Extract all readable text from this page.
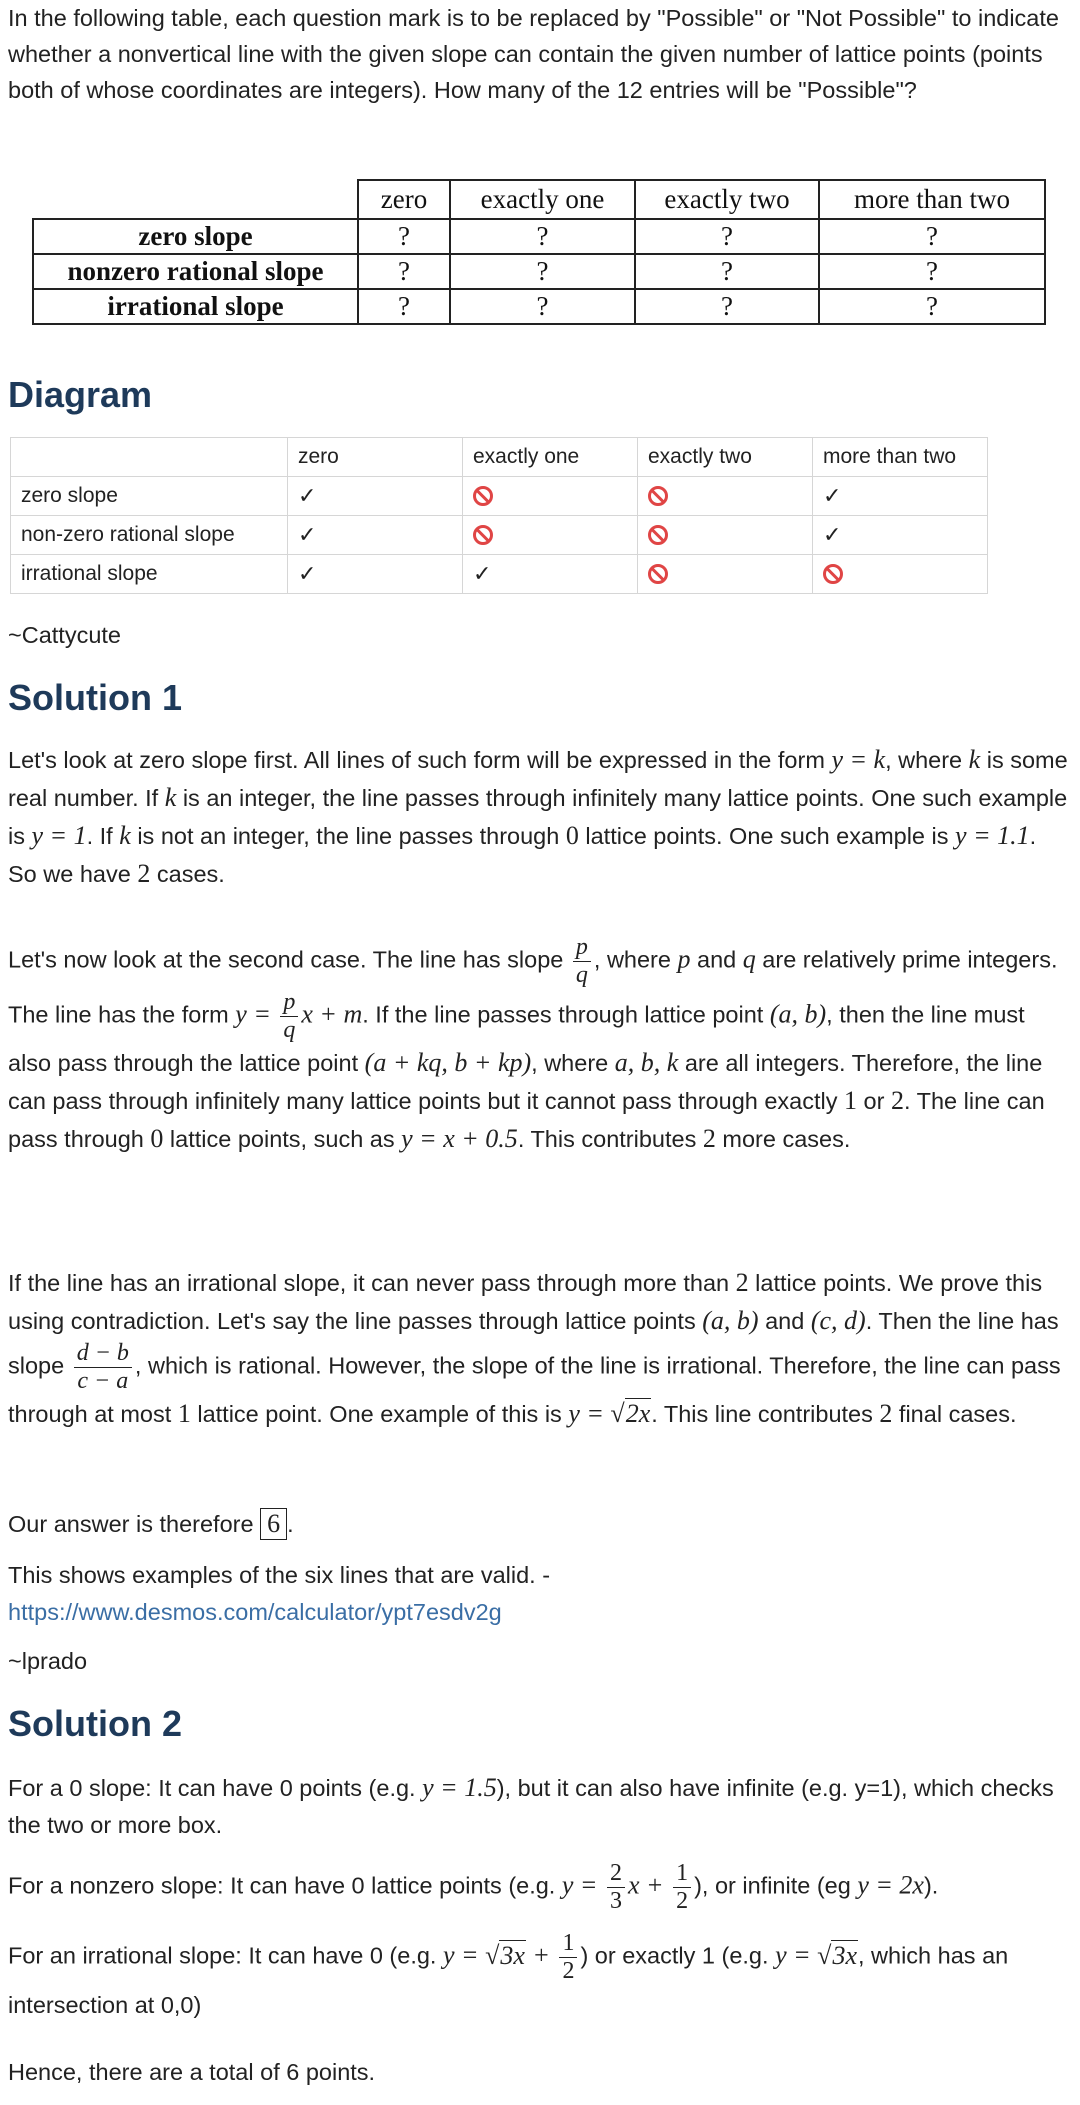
In the following table, each question mark is to be replaced by "Possible" or "Not Possible" to indicate whether a nonvertical line with the given slope can contain the given number of lattice points (points both of whose coordinates are integers). How many of the 12 entries will be "Possible"?

	zero	exactly one	exactly two	more than two
zero slope	?	?	?	?
nonzero rational slope	?	?	?	?
irrational slope	?	?	?	?
Diagram
	zero	exactly one	exactly two	more than two
zero slope	✓			✓
non-zero rational slope	✓			✓
irrational slope	✓	✓		

~Cattycute

Solution 1

Let's look at zero slope first. All lines of such form will be expressed in the form y = k, where k is some real number. If k is an integer, the line passes through infinitely many lattice points. One such example is y = 1. If k is not an integer, the line passes through 0 lattice points. One such example is y = 1.1. So we have 2 cases.

Let's now look at the second case. The line has slope $\frac{p}{q}$ , where p and q are relatively prime integers. The line has the form $y = \frac{p}{q}$ x + m. If the line passes through lattice point (a, b), then the line must also pass through the lattice point (a + kq, b + kp), where a, b, k are all integers. Therefore, the line can pass through infinitely many lattice points but it cannot pass through exactly 1 or 2. The line can pass through 0 lattice points, such as y = x + 0.5. This contributes 2 more cases.

If the line has an irrational slope, it can never pass through more than 2 lattice points. We prove this using contradiction. Let's say the line passes through lattice points (a, b) and (c, d). Then the line has slope $\frac{d - b}{c - a}$ , which is rational. However, the slope of the line is irrational. Therefore, the line can pass through at most 1 lattice point. One example of this is y = √2x. This line contributes 2 final cases.

Our answer is therefore 6 .

This shows examples of the six lines that are valid. -

https://www.desmos.com/calculator/ypt7esdv2g

~lprado

Solution 2

For a 0 slope: It can have 0 points (e.g. y = 1.5), but it can also have infinite (e.g. y=1), which checks the two or more box.

For a nonzero slope: It can have 0 lattice points (e.g. $y = \frac{2}{3}$ $x + \frac{1}{2}$ ), or infinite (eg y = 2x).

For an irrational slope: It can have 0 (e.g. $y = √3x + \frac{1}{2}$ ) or exactly 1 (e.g. y = √3x, which has an intersection at 0,0)

Hence, there are a total of 6 points.
